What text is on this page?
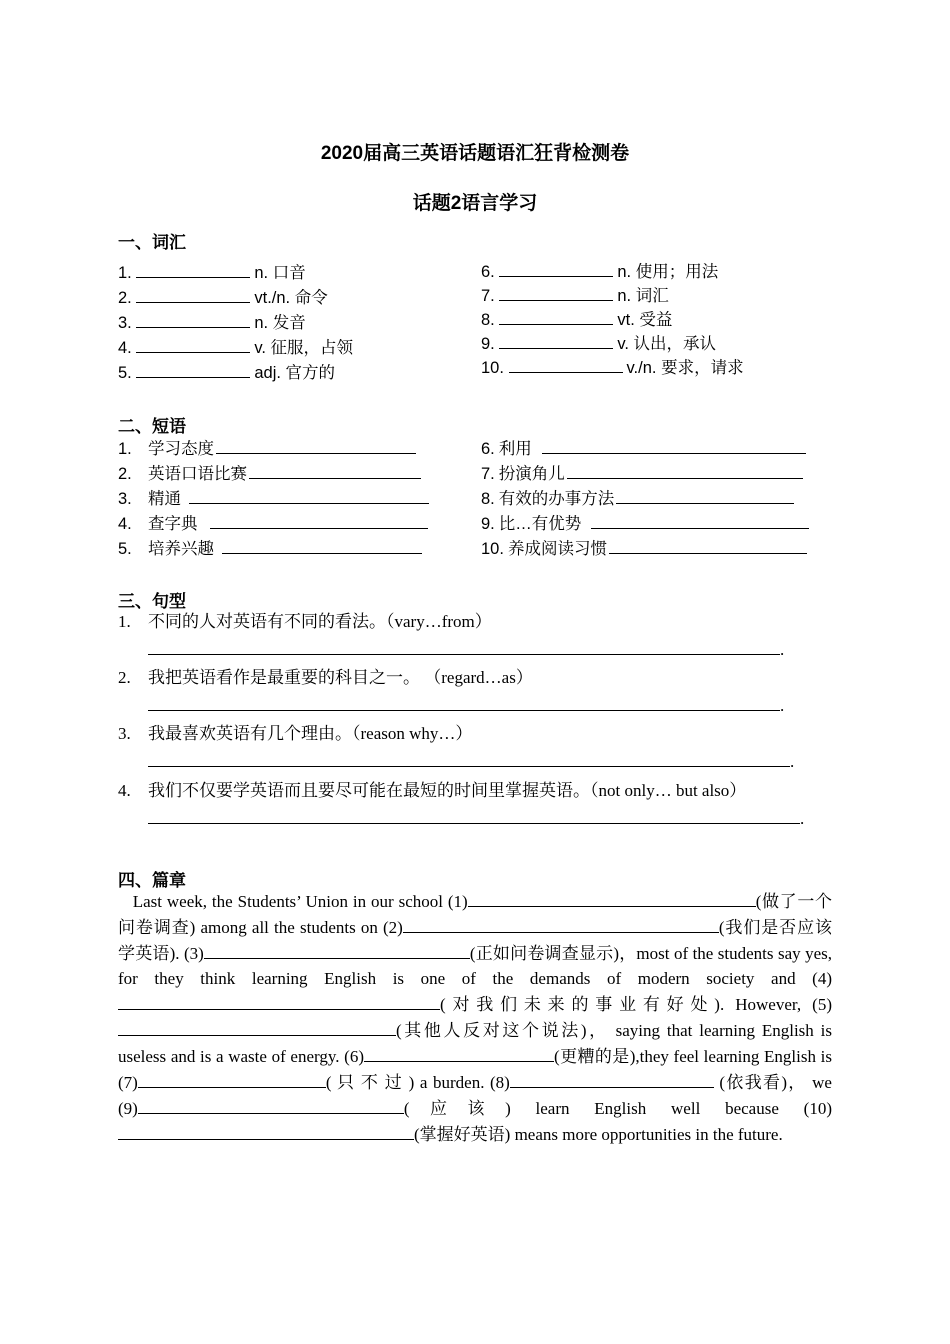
2020届高三英语话题语汇狂背检测卷
话题2语言学习
一、词汇
1.	n. 口音
2.	vt./n. 命令
3.	n. 发音
4.	v. 征服，占领
5.	adj. 官方的
6.	n. 使用；用法
7.	n. 词汇
8.	vt. 受益
9.	v. 认出，承认
10.	v./n. 要求，请求
二、短语
1. 学习态度
2. 英语口语比赛
3. 精通
4. 查字典
5. 培养兴趣
6. 利用
7. 扮演角儿
8. 有效的办事方法
9. 比…有优势
10. 养成阅读习惯
三、句型
1. 不同的人对英语有不同的看法。（vary…from）
.
2. 我把英语看作是最重要的科目之一。 （regard…as）
.
3. 我最喜欢英语有几个理由。（reason why…）
.
4. 我们不仅要学英语而且要尽可能在最短的时间里掌握英语。（not only… but also）
.
四、篇章
Last week, the Students’ Union in our school (1)	(做了一个问卷调查) among all the students on (2)	(我们是否应该学英语). (3)	(正如问卷调查显示)，most of the students say yes, for they think learning English is one of the demands of modern society and (4)(对我们未来的事业有好处). However, (5)(其他人反对这个说法)， saying that learning English is useless and is a waste of energy. (6)	(更糟的是),they feel learning English is (7)	( 只 不 过 ) a burden. (8)	(依我看)， we (9)	(应该) learn English well because (10)(掌握好英语) means more opportunities in the future.
